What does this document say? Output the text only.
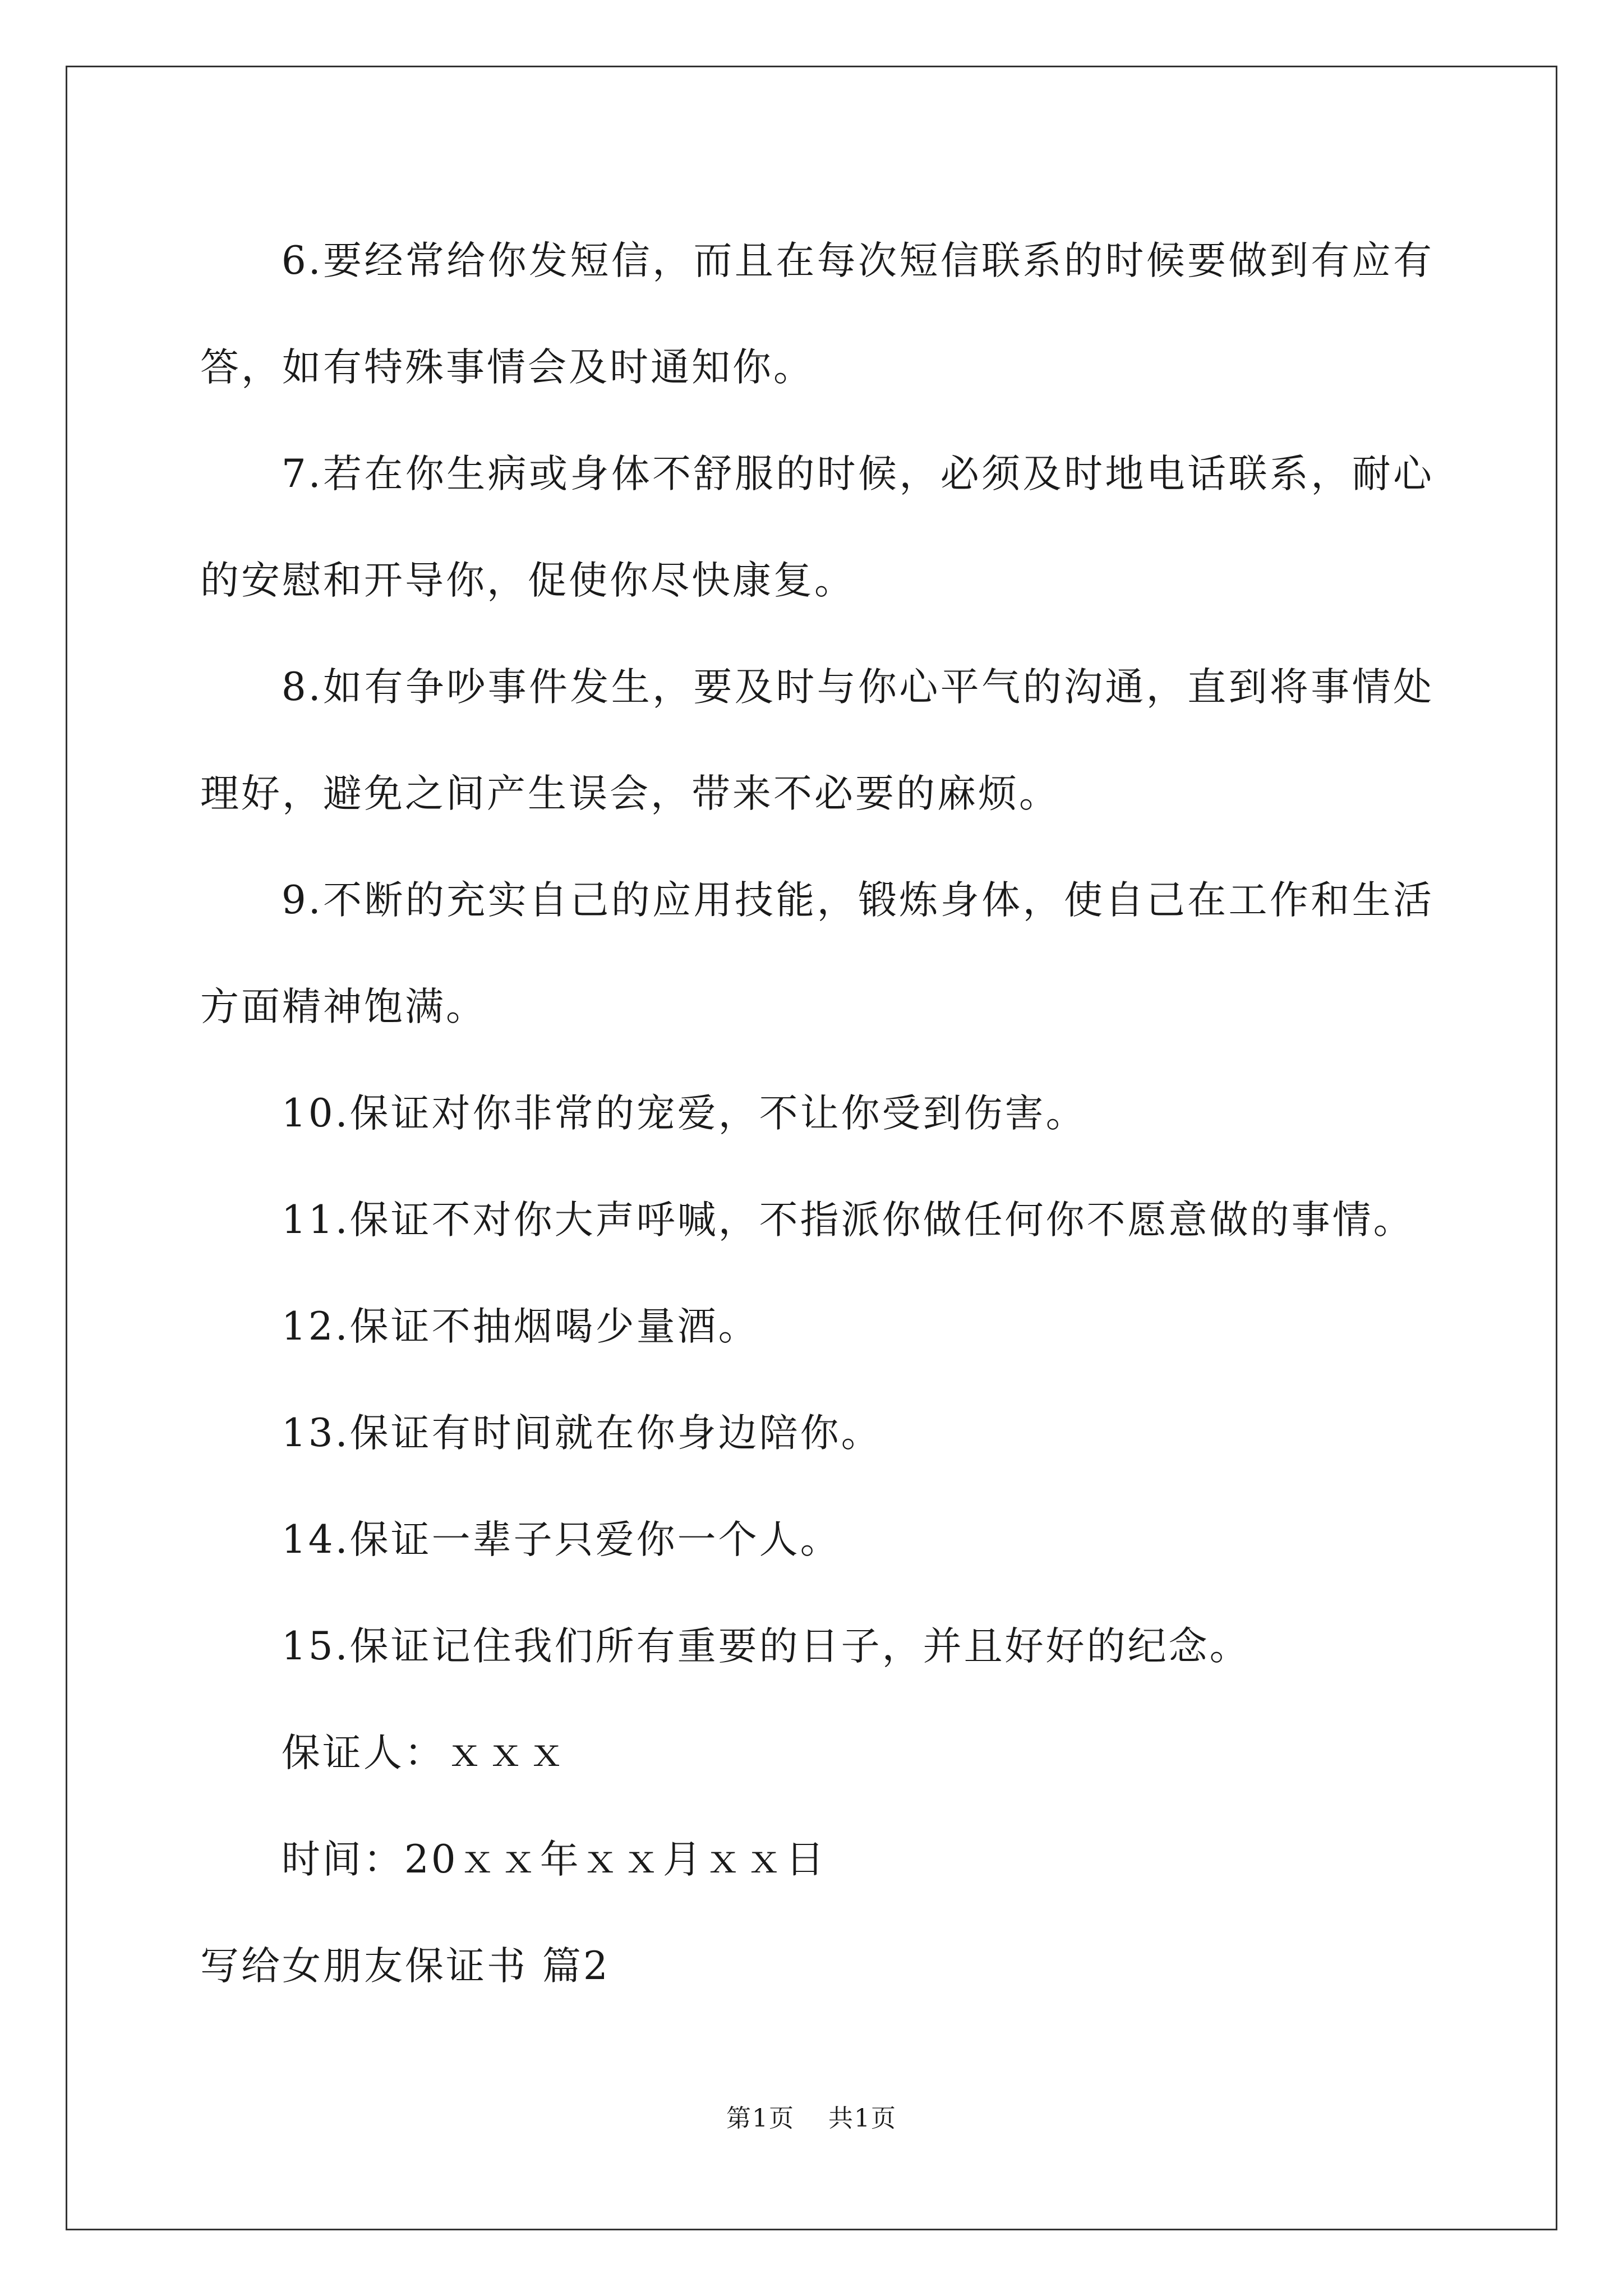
6.要经常给你发短信，而且在每次短信联系的时候要做到有应有答，如有特殊事情会及时通知你。

7.若在你生病或身体不舒服的时候，必须及时地电话联系，耐心的安慰和开导你，促使你尽快康复。

8.如有争吵事件发生，要及时与你心平气的沟通，直到将事情处理好，避免之间产生误会，带来不必要的麻烦。

9.不断的充实自己的应用技能，锻炼身体，使自己在工作和生活方面精神饱满。

10.保证对你非常的宠爱，不让你受到伤害。

11.保证不对你大声呼喊，不指派你做任何你不愿意做的事情。

12.保证不抽烟喝少量酒。

13.保证有时间就在你身边陪你。

14.保证一辈子只爱你一个人。

15.保证记住我们所有重要的日子，并且好好的纪念。

保证人：ｘｘｘ

时间：20ｘｘ年ｘｘ月ｘｘ日

写给女朋友保证书 篇2

第1页 共1页
